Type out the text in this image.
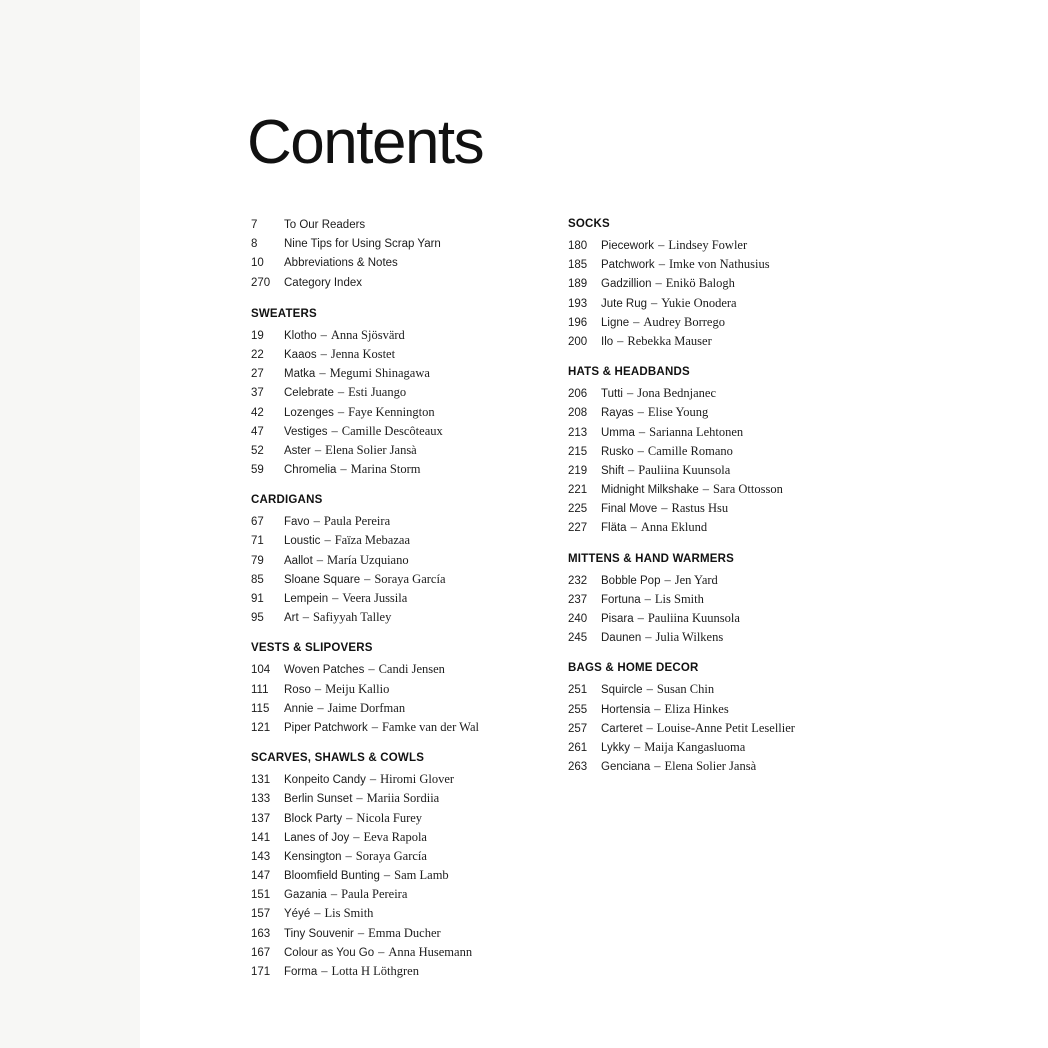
Contents
7	To Our Readers
8	Nine Tips for Using Scrap Yarn
10	Abbreviations & Notes
270	Category Index
SWEATERS
19	Klotho – Anna Sjösvärd
22	Kaaos – Jenna Kostet
27	Matka – Megumi Shinagawa
37	Celebrate – Esti Juango
42	Lozenges – Faye Kennington
47	Vestiges – Camille Descôteaux
52	Aster – Elena Solier Jansà
59	Chromelia – Marina Storm
CARDIGANS
67	Favo – Paula Pereira
71	Loustic – Faïza Mebazaa
79	Aallot – María Uzquiano
85	Sloane Square – Soraya García
91	Lempein – Veera Jussila
95	Art – Safiyyah Talley
VESTS & SLIPOVERS
104	Woven Patches – Candi Jensen
111	Roso – Meiju Kallio
115	Annie – Jaime Dorfman
121	Piper Patchwork – Famke van der Wal
SCARVES, SHAWLS & COWLS
131	Konpeito Candy – Hiromi Glover
133	Berlin Sunset – Mariia Sordiia
137	Block Party – Nicola Furey
141	Lanes of Joy – Eeva Rapola
143	Kensington – Soraya García
147	Bloomfield Bunting – Sam Lamb
151	Gazania – Paula Pereira
157	Yéyé – Lis Smith
163	Tiny Souvenir – Emma Ducher
167	Colour as You Go – Anna Husemann
171	Forma – Lotta H Löthgren
SOCKS
180	Piecework – Lindsey Fowler
185	Patchwork – Imke von Nathusius
189	Gadzillion – Enikö Balogh
193	Jute Rug – Yukie Onodera
196	Ligne – Audrey Borrego
200	Ilo – Rebekka Mauser
HATS & HEADBANDS
206	Tutti – Jona Bednjanec
208	Rayas – Elise Young
213	Umma – Sarianna Lehtonen
215	Rusko – Camille Romano
219	Shift – Pauliina Kuunsola
221	Midnight Milkshake – Sara Ottosson
225	Final Move – Rastus Hsu
227	Fläta – Anna Eklund
MITTENS & HAND WARMERS
232	Bobble Pop – Jen Yard
237	Fortuna – Lis Smith
240	Pisara – Pauliina Kuunsola
245	Daunen – Julia Wilkens
BAGS & HOME DECOR
251	Squircle – Susan Chin
255	Hortensia – Eliza Hinkes
257	Carteret – Louise-Anne Petit Lesellier
261	Lykky – Maija Kangasluoma
263	Genciana – Elena Solier Jansà
